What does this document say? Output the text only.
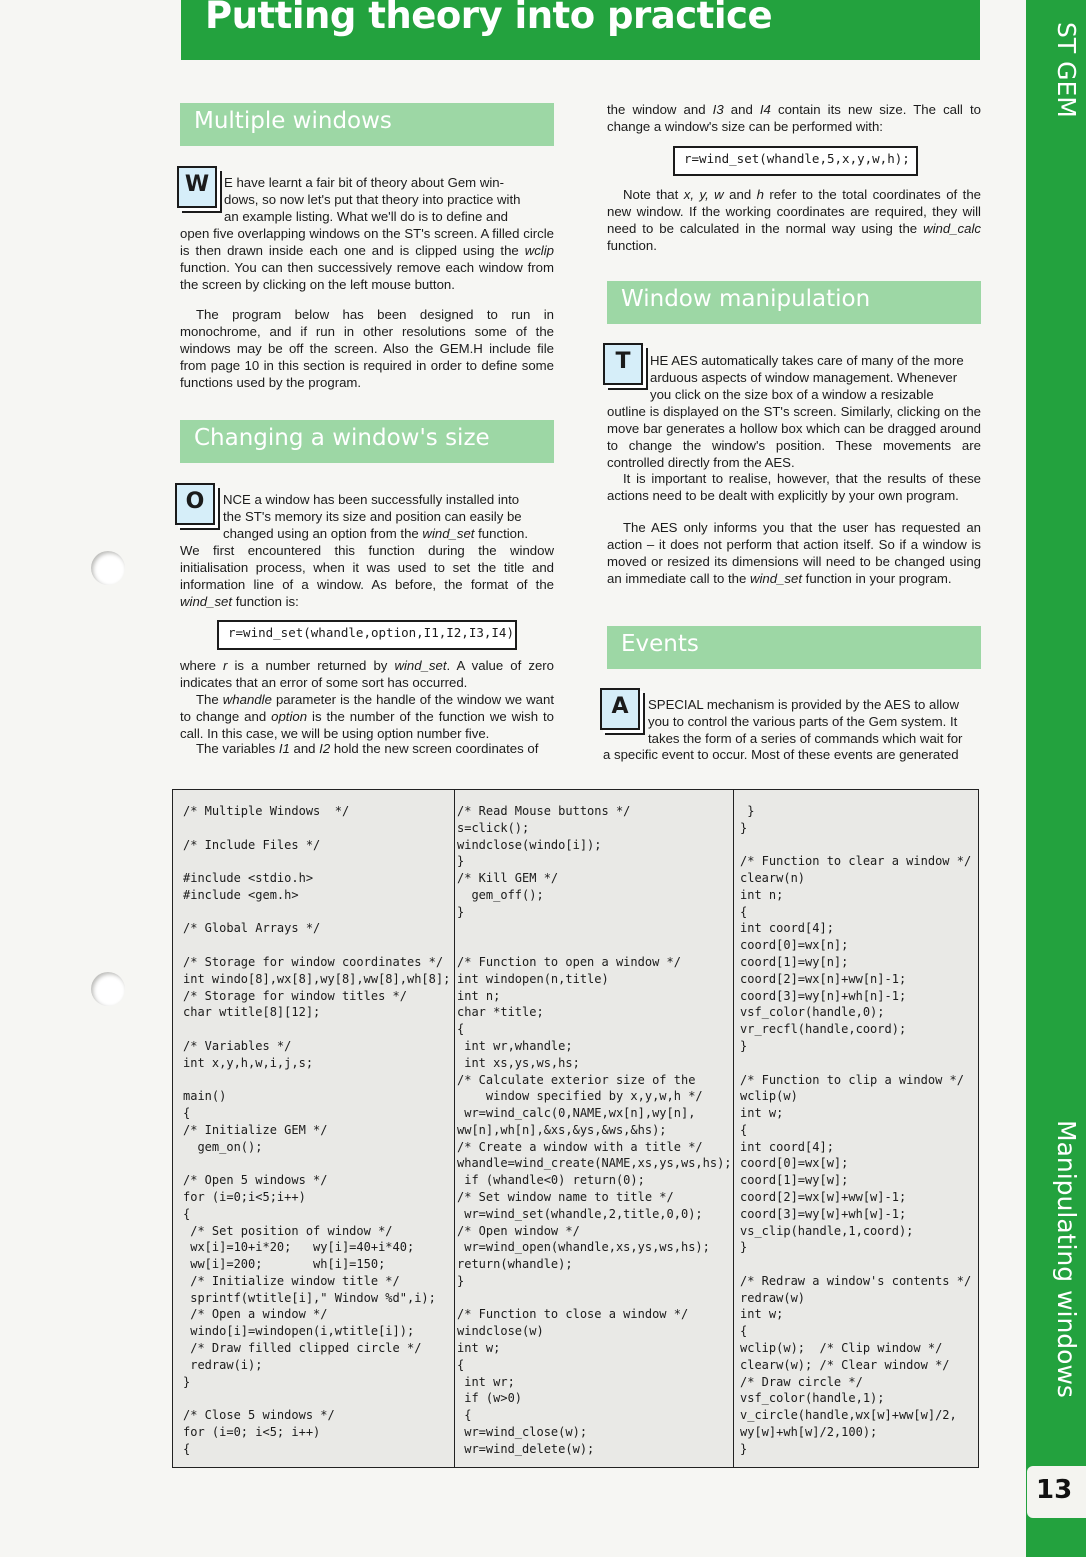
Putting theory into practice
ST GEM
Manipulating windows
13
Multiple windows
W	E have learnt a fair bit of theory about Gem win-
dows, so now let's put that theory into practice with
an example listing. What we'll do is to define and

open five overlapping windows on the ST's screen. A filled circle is then drawn inside each one and is clipped using the wclip function. You can then successively remove each window from the screen by clicking on the left mouse button.

The program below has been designed to run in monochrome, and if run in other resolutions some of the windows may be off the screen. Also the GEM.H include file from page 10 in this section is required in order to define some functions used by the program.

Changing a window's size
O	NCE a window has been successfully installed into
the ST's memory its size and position can easily be
changed using an option from the wind_set function.

We first encountered this function during the window initialisation process, when it was used to set the title and information line of a window. As before, the format of the wind_set function is:

r=wind_set(whandle,option,I1,I2,I3,I4)

where r is a number returned by wind_set. A value of zero indicates that an error of some sort has occurred.

The whandle parameter is the handle of the window we want to change and option is the number of the function we wish to call. In this case, we will be using option number five.

The variables I1 and I2 hold the new screen coordinates of

the window and I3 and I4 contain its new size. The call to change a window's size can be performed with:

r=wind_set(whandle,5,x,y,w,h);

Note that x, y, w and h refer to the total coordinates of the new window. If the working coordinates are required, they will need to be calculated in the normal way using the wind_calc function.

Window manipulation
T	HE AES automatically takes care of many of the more
arduous aspects of window management. Whenever
you click on the size box of a window a resizable

outline is displayed on the ST's screen. Similarly, clicking on the move bar generates a hollow box which can be dragged around to change the window's position. These movements are controlled directly from the AES.

It is important to realise, however, that the results of these actions need to be dealt with explicitly by your own program.

The AES only informs you that the user has requested an action – it does not perform that action itself. So if a window is moved or resized its dimensions will need to be changed using an immediate call to the wind_set function in your program.

Events
A	SPECIAL mechanism is provided by the AES to allow
you to control the various parts of the Gem system. It
takes the form of a series of commands which wait for

a specific event to occur. Most of these events are generated

/* Multiple Windows  */

/* Include Files */

#include <stdio.h>
#include <gem.h>

/* Global Arrays */

/* Storage for window coordinates */
int windo[8],wx[8],wy[8],ww[8],wh[8];
/* Storage for window titles */
char wtitle[8][12];

/* Variables */
int x,y,h,w,i,j,s;

main()
{
/* Initialize GEM */
gem_on();

/* Open 5 windows */
for (i=0;i<5;i++)
{
/* Set position of window */
wx[i]=10+i*20;   wy[i]=40+i*40;
ww[i]=200;       wh[i]=150;
/* Initialize window title */
sprintf(wtitle[i]," Window %d",i);
/* Open a window */
windo[i]=windopen(i,wtitle[i]);
/* Draw filled clipped circle */
redraw(i);
}

/* Close 5 windows */
for (i=0; i<5; i++)
{
/* Read Mouse buttons */
s=click();
windclose(windo[i]);
}
/* Kill GEM */
gem_off();
}

/* Function to open a window */
int windopen(n,title)
int n;
char *title;
{
int wr,whandle;
int xs,ys,ws,hs;
/* Calculate exterior size of the
window specified by x,y,w,h */
wr=wind_calc(0,NAME,wx[n],wy[n],
ww[n],wh[n],&xs,&ys,&ws,&hs);
/* Create a window with a title */
whandle=wind_create(NAME,xs,ys,ws,hs);
if (whandle<0) return(0);
/* Set window name to title */
wr=wind_set(whandle,2,title,0,0);
/* Open window */
wr=wind_open(whandle,xs,ys,ws,hs);
return(whandle);
}

/* Function to close a window */
windclose(w)
int w;
{
int wr;
if (w>0)
{
wr=wind_close(w);
wr=wind_delete(w);
}
}

/* Function to clear a window */
clearw(n)
int n;
{
int coord[4];
coord[0]=wx[n];
coord[1]=wy[n];
coord[2]=wx[n]+ww[n]-1;
coord[3]=wy[n]+wh[n]-1;
vsf_color(handle,0);
vr_recfl(handle,coord);
}

/* Function to clip a window */
wclip(w)
int w;
{
int coord[4];
coord[0]=wx[w];
coord[1]=wy[w];
coord[2]=wx[w]+ww[w]-1;
coord[3]=wy[w]+wh[w]-1;
vs_clip(handle,1,coord);
}

/* Redraw a window's contents */
redraw(w)
int w;
{
wclip(w);  /* Clip window */
clearw(w); /* Clear window */
/* Draw circle */
vsf_color(handle,1);
v_circle(handle,wx[w]+ww[w]/2,
wy[w]+wh[w]/2,100);
}
